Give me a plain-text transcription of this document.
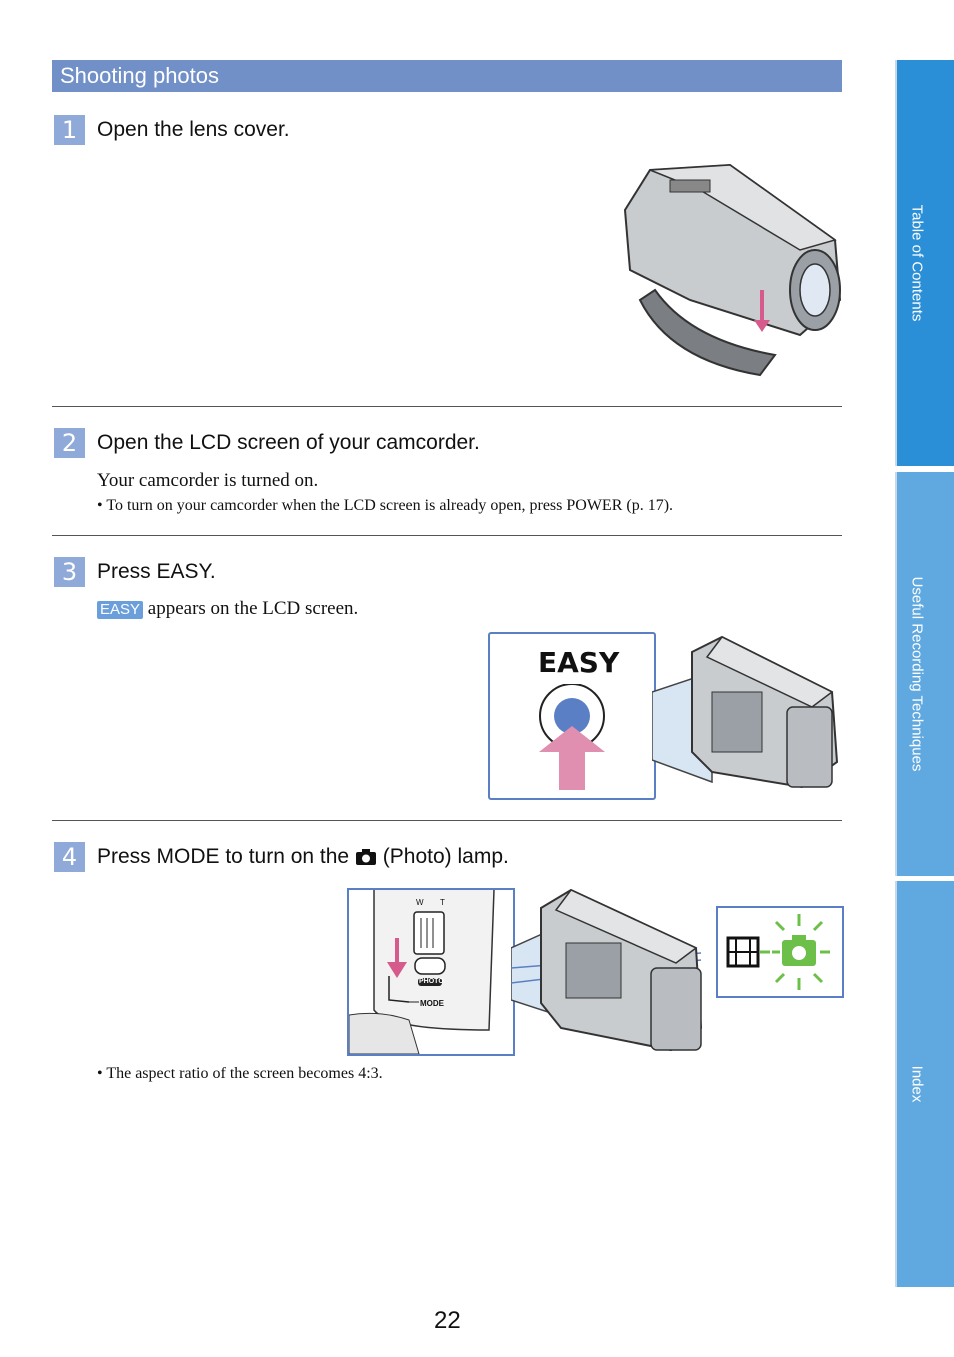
Shooting photos
1 Open the lens cover.
2 Open the LCD screen of your camcorder.
Your camcorder is turned on.
• To turn on your camcorder when the LCD screen is already open, press POWER (p. 17).
3 Press EASY.
EASY appears on the LCD screen.
EASY
4 Press MODE to turn on the (Photo) lamp.
W T
PHOTO
MODE
• The aspect ratio of the screen becomes 4:3.
Table of Contents
Useful Recording Techniques
Index
22
